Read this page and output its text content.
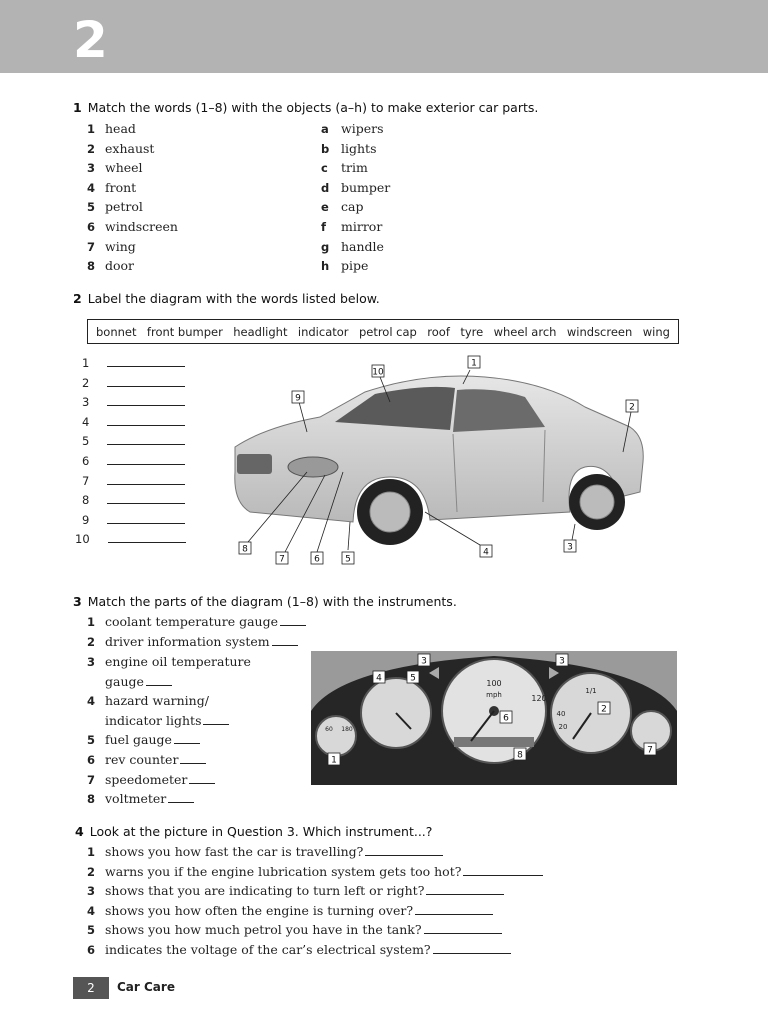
2
1 Match the words (1–8) with the objects (a–h) to make exterior car parts.
1 head
2 exhaust
3 wheel
4 front
5 petrol
6 windscreen
7 wing
8 door
a wipers
b lights
c trim
d bumper
e cap
f mirror
g handle
h pipe
2 Label the diagram with the words listed below.
bonnet front bumper headlight indicator petrol cap roof tyre wheel arch windscreen wing
1
2
3
4
5
6
7
8
9
10
1
2
3
4
5
6
7
8
9
10
3 Match the parts of the diagram (1–8) with the instruments.
1 coolant temperature gauge
2 driver information system
3 engine oil temperature
gauge
4 hazard warning/
indicator lights
5 fuel gauge
6 rev counter
7 speedometer
8 voltmeter
100
120
mph	1/1
40
20
60 180
1
2
3	3
4	5
6
7
8
4 Look at the picture in Question 3. Which instrument...?
1 shows you how fast the car is travelling?
2 warns you if the engine lubrication system gets too hot?
3 shows that you are indicating to turn left or right?
4 shows you how often the engine is turning over?
5 shows you how much petrol you have in the tank?
6 indicates the voltage of the car’s electrical system?
2	Car Care
